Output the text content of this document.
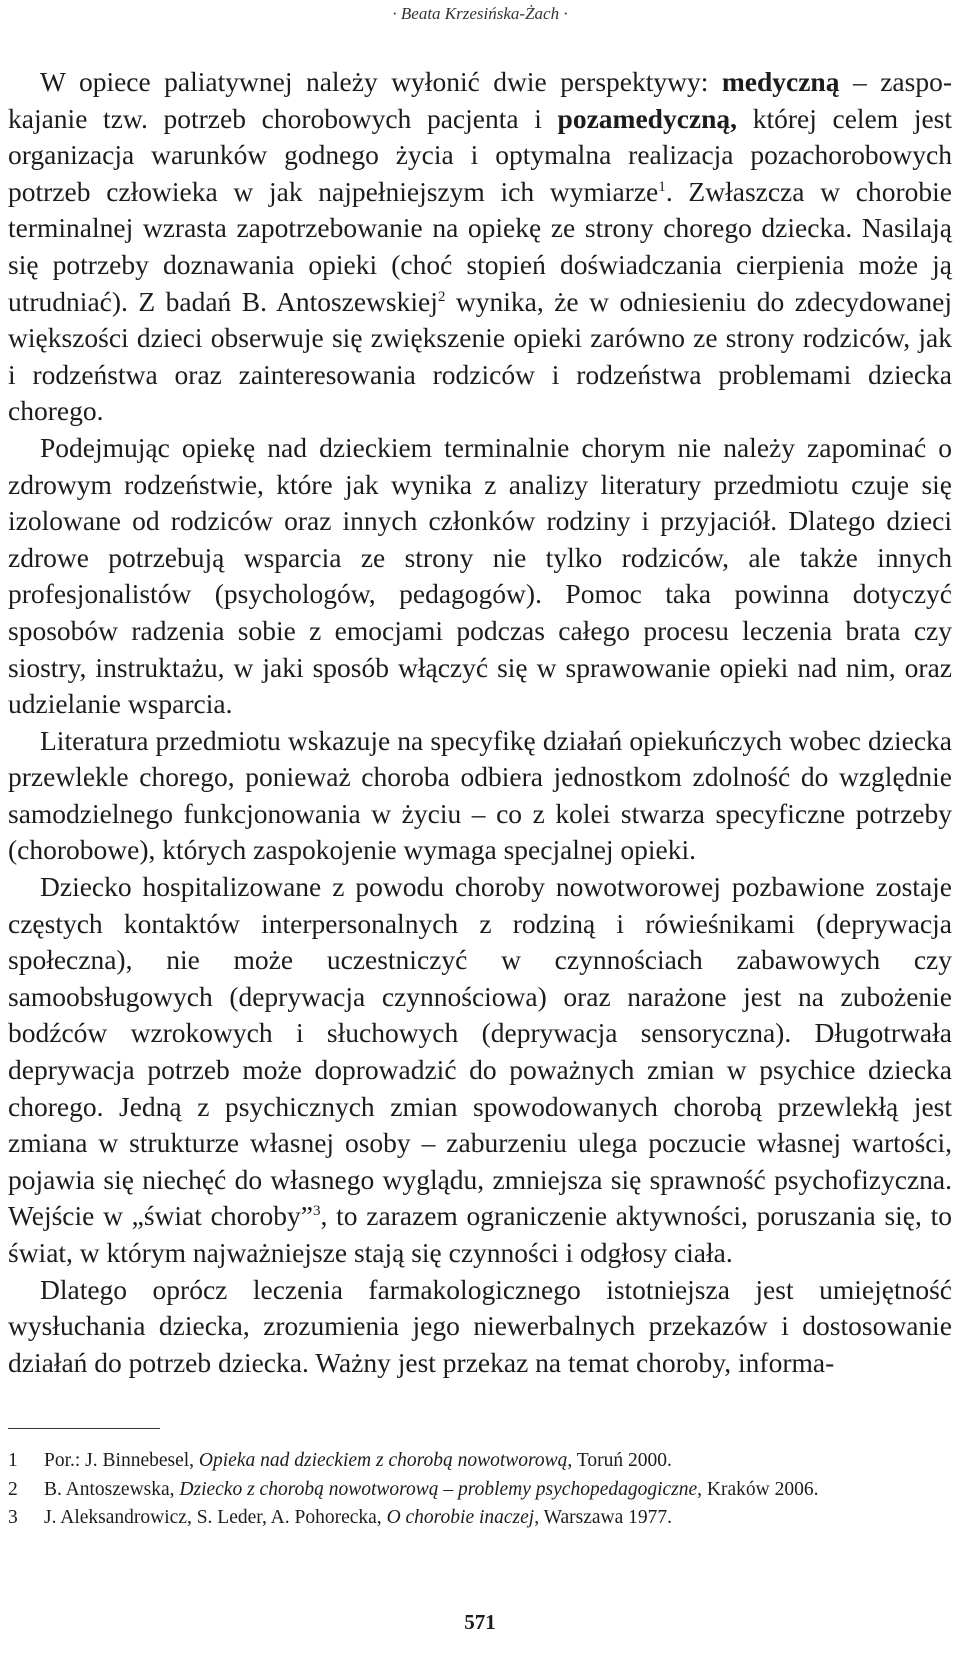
· Beata Krzesińska-Żach ·

W opiece paliatywnej należy wyłonić dwie perspektywy: medyczną – zaspokajanie tzw. potrzeb chorobowych pacjenta i pozamedyczną, której celem jest organizacja warunków godnego życia i optymalna realizacja pozachorobowych potrzeb człowieka w jak najpełniejszym ich wymiarze$^1$. Zwłaszcza w chorobie terminalnej wzrasta zapotrzebowanie na opiekę ze strony chorego dziecka. Nasilają się potrzeby doznawania opieki (choć stopień doświadczania cierpienia może ją utrudniać). Z badań B. Antoszewskiej$^2$ wynika, że w odniesieniu do zdecydowanej większości dzieci obserwuje się zwiększenie opieki zarówno ze strony rodziców, jak i rodzeństwa oraz zainteresowania rodziców i rodzeństwa problemami dziecka chorego.

Podejmując opiekę nad dzieckiem terminalnie chorym nie należy zapominać o zdrowym rodzeństwie, które jak wynika z analizy literatury przedmiotu czuje się izolowane od rodziców oraz innych członków rodziny i przyjaciół. Dlatego dzieci zdrowe potrzebują wsparcia ze strony nie tylko rodziców, ale także innych profesjonalistów (psychologów, pedagogów). Pomoc taka powinna dotyczyć sposobów radzenia sobie z emocjami podczas całego procesu leczenia brata czy siostry, instruktażu, w jaki sposób włączyć się w sprawowanie opieki nad nim, oraz udzielanie wsparcia.

Literatura przedmiotu wskazuje na specyfikę działań opiekuńczych wobec dziecka przewlekle chorego, ponieważ choroba odbiera jednostkom zdolność do względnie samodzielnego funkcjonowania w życiu – co z kolei stwarza specyficzne potrzeby (chorobowe), których zaspokojenie wymaga specjalnej opieki.

Dziecko hospitalizowane z powodu choroby nowotworowej pozbawione zostaje częstych kontaktów interpersonalnych z rodziną i rówieśnikami (deprywacja społeczna), nie może uczestniczyć w czynnościach zabawowych czy samoobsługowych (deprywacja czynnościowa) oraz narażone jest na zubożenie bodźców wzrokowych i słuchowych (deprywacja sensoryczna). Długotrwała deprywacja potrzeb może doprowadzić do poważnych zmian w psychice dziecka chorego. Jedną z psychicznych zmian spowodowanych chorobą przewlekłą jest zmiana w strukturze własnej osoby – zaburzeniu ulega poczucie własnej wartości, pojawia się niechęć do własnego wyglądu, zmniejsza się sprawność psychofizyczna. Wejście w „świat choroby”$^3$, to zarazem ograniczenie aktywności, poruszania się, to świat, w którym najważniejsze stają się czynności i odgłosy ciała.

Dlatego oprócz leczenia farmakologicznego istotniejsza jest umiejętność wysłuchania dziecka, zrozumienia jego niewerbalnych przekazów i dostosowanie działań do potrzeb dziecka. Ważny jest przekaz na temat choroby, informa-

1	Por.: J. Binnebesel, Opieka nad dzieckiem z chorobą nowotworową, Toruń 2000.
2	B. Antoszewska, Dziecko z chorobą nowotworową – problemy psychopedagogiczne, Kraków 2006.
3	J. Aleksandrowicz, S. Leder, A. Pohorecka, O chorobie inaczej, Warszawa 1977.
571
